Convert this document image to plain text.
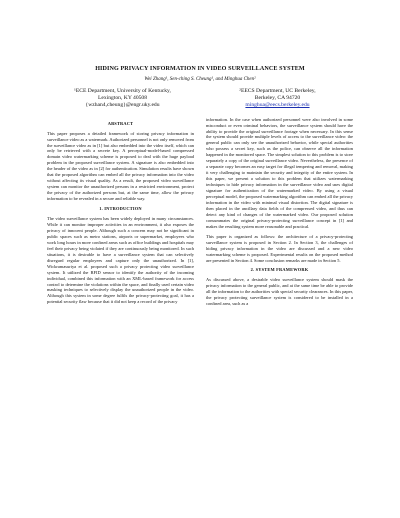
HIDING PRIVACY INFORMATION IN VIDEO SURVEILLANCE SYSTEM
Wei Zhang¹, Sen-ching S. Cheung¹, and Minghua Chen²
¹ECE Department, University of Kentucky,
Lexington, KY 40508
{wzhan4,cheung}@engr.uky.edu
²EECS Department, UC Berkeley,
Berkeley, CA 94720
minghua@eecs.berkeley.edu
ABSTRACT

This paper proposes a detailed framework of storing privacy information in surveillance video as a watermark. Authorized personnel is not only removed from the surveillance video as in [1] but also embedded into the video itself, which can only be retrieved with a secrete key. A perceptual-model-based compressed domain video watermarking scheme is proposed to deal with the huge payload problem in the proposed surveillance system. A signature is also embedded into the header of the video as in [2] for authentication. Simulation results have shown that the proposed algorithm can embed all the privacy information into the video without affecting its visual quality. As a result, the proposed video surveillance system can monitor the unauthorized persons in a restricted environment, protect the privacy of the authorized persons but, at the same time, allow the privacy information to be revealed in a secure and reliable way.

1. INTRODUCTION

The video surveillance system has been widely deployed in many circumstances. While it can monitor improper activities in an environment, it also exposes the privacy of innocent people. Although such a concern may not be significant in public spaces such as metro stations, airports or supermarket, employees who work long hours in more confined areas such as office buildings and hospitals may feel their privacy being violated if they are continuously being monitored. In such situations, it is desirable to have a surveillance system that can selectively disregard regular employees and capture only the unauthorized. In [1], Wickramasuriya et al. proposed such a privacy protecting video surveillance system. It utilized the RFID sensor to identify the authority of the incoming individual, combined this information with an XML-based framework for access control to determine the violations within the space, and finally used certain video masking techniques to selectively display the unauthorized people in the video. Although this system in some degree fulfils the privacy-protecting goal, it has a potential security flaw because that it did not keep a record of the privacy

information. In the case when authorized personnel were also involved in some misconduct or even criminal behaviors, the surveillance system should have the ability to provide the original surveillance footage when necessary. In this sense the system should provide multiple levels of access to the surveillance video: the general public can only see the unauthorized behavior, while special authorities who possess a secret key, such as the police, can observe all the information happened in the monitored space. The simplest solution to this problem is to store separately a copy of the original surveillance video. Nevertheless, the presence of a separate copy becomes an easy target for illegal tempering and removal, making it very challenging to maintain the security and integrity of the entire system. In this paper, we present a solution to this problem that utilizes watermarking techniques to hide privacy information in the surveillance video and uses digital signature for authentication of the watermarked video. By using a visual perceptual model, the proposed watermarking algorithm can embed all the privacy information in the video with minimal visual distortion. The digital signature is then placed in the ancillary data fields of the compressed video, and thus can detect any kind of changes of the watermarked video. Our proposed solution consummates the original privacy-protecting surveillance concept in [1] and makes the resulting system more reasonable and practical.

This paper is organized as follows: the architecture of a privacy-protecting surveillance system is proposed in Section 2. In Section 3, the challenges of hiding privacy information in the video are discussed and a new video watermarking scheme is proposed. Experimental results on the proposed method are presented in Section 4. Some conclusion remarks are made in Section 5.

2. SYSTEM FRAMEWORK

As discussed above, a desirable video surveillance system should mask the privacy information to the general public, and at the same time be able to provide all the information to the authorities with special security clearances. In this paper, the privacy protecting surveillance system is considered to be installed in a confined area, such as a
